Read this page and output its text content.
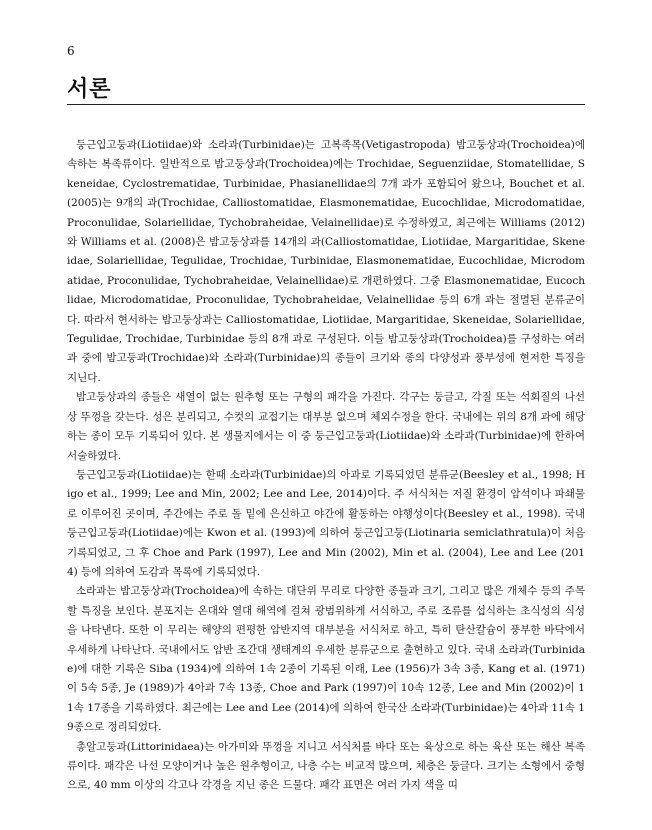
6
서론

둥근입고둥과(Liotiidae)와 소라과(Turbinidae)는 고복족목(Vetigastropoda) 밤고둥상과(Trochoidea)에 속하는 복족류이다. 일반적으로 밤고둥상과(Trochoidea)에는 Trochidae, Seguenziidae, Stomatellidae, Skeneidae, Cyclostrematidae, Turbinidae, Phasianellidae의 7개 과가 포함되어 왔으나, Bouchet et al. (2005)는 9개의 과(Trochidae, Calliostomatidae, Elasmonematidae, Eucochlidae, Microdomatidae, Proconulidae, Solariellidae, Tychobraheidae, Velainellidae)로 수정하였고, 최근에는 Williams (2012)와 Williams et al. (2008)은 밤고둥상과를 14개의 과(Calliostomatidae, Liotiidae, Margaritidae, Skeneidae, Solariellidae, Tegulidae, Trochidae, Turbinidae, Elasmonematidae, Eucochlidae, Microdomatidae, Proconulidae, Tychobraheidae, Velainellidae)로 개편하였다. 그중 Elasmonematidae, Eucochlidae, Microdomatidae, Proconulidae, Tychobraheidae, Velainellidae 등의 6개 과는 절멸된 분류군이다. 따라서 현서하는 밤고둥상과는 Calliostomatidae, Liotiidae, Margaritidae, Skeneidae, Solariellidae, Tegulidae, Trochidae, Turbinidae 등의 8개 과로 구성된다. 이들 밤고둥상과(Trochoidea)를 구성하는 여러 과 중에 밤고둥과(Trochidae)와 소라과(Turbinidae)의 종들이 크기와 종의 다양성과 풍부성에 현저한 특징을 지닌다.

밤고둥상과의 종들은 새열이 없는 원추형 또는 구형의 패각을 가진다. 각구는 둥글고, 각질 또는 석회질의 나선상 뚜껑을 갖는다. 성은 분리되고, 수컷의 교접기는 대부분 없으며 체외수정을 한다. 국내에는 위의 8개 과에 해당하는 종이 모두 기록되어 있다. 본 생물지에서는 이 중 둥근입고둥과(Liotiidae)와 소라과(Turbinidae)에 한하여 서술하였다.

둥근입고둥과(Liotiidae)는 한때 소라과(Turbinidae)의 아과로 기록되었던 분류군(Beesley et al., 1998; Higo et al., 1999; Lee and Min, 2002; Lee and Lee, 2014)이다. 주 서식처는 저질 환경이 암석이나 파쇄물로 이루어진 곳이며, 주간에는 주로 돌 밑에 은신하고 야간에 활동하는 야행성이다(Beesley et al., 1998). 국내 둥근입고둥과(Liotiidae)에는 Kwon et al. (1993)에 의하여 둥근입고둥(Liotinaria semiclathratula)이 처음 기록되었고, 그 후 Choe and Park (1997), Lee and Min (2002), Min et al. (2004), Lee and Lee (2014) 등에 의하여 도감과 목록에 기록되었다.

소라과는 밤고둥상과(Trochoidea)에 속하는 대단위 무리로 다양한 종들과 크기, 그리고 많은 개체수 등의 주목할 특징을 보인다. 분포지는 온대와 열대 해역에 걸쳐 광범위하게 서식하고, 주로 조류를 섭식하는 초식성의 식성을 나타낸다. 또한 이 무리는 해양의 편평한 암반지역 대부분을 서식처로 하고, 특히 탄산칼슘이 풍부한 바닥에서 우세하게 나타난다. 국내에서도 암반 조간대 생태계의 우세한 분류군으로 출현하고 있다. 국내 소라과(Turbinidae)에 대한 기록은 Siba (1934)에 의하여 1속 2종이 기록된 이래, Lee (1956)가 3속 3종, Kang et al. (1971)이 5속 5종, Je (1989)가 4아과 7속 13종, Choe and Park (1997)이 10속 12종, Lee and Min (2002)이 11속 17종을 기록하였다. 최근에는 Lee and Lee (2014)에 의하여 한국산 소라과(Turbinidae)는 4아과 11속 19종으로 정리되었다.

총알고둥과(Littorinidaea)는 아가미와 뚜껑을 지니고 서식처를 바다 또는 육상으로 하는 육산 또는 해산 복족류이다. 패각은 나선 모양이거나 높은 원추형이고, 나층 수는 비교적 많으며, 체층은 둥글다. 크기는 소형에서 중형으로, 40 mm 이상의 각고나 각경을 지닌 종은 드물다. 패각 표면은 여러 가지 색을 띠
